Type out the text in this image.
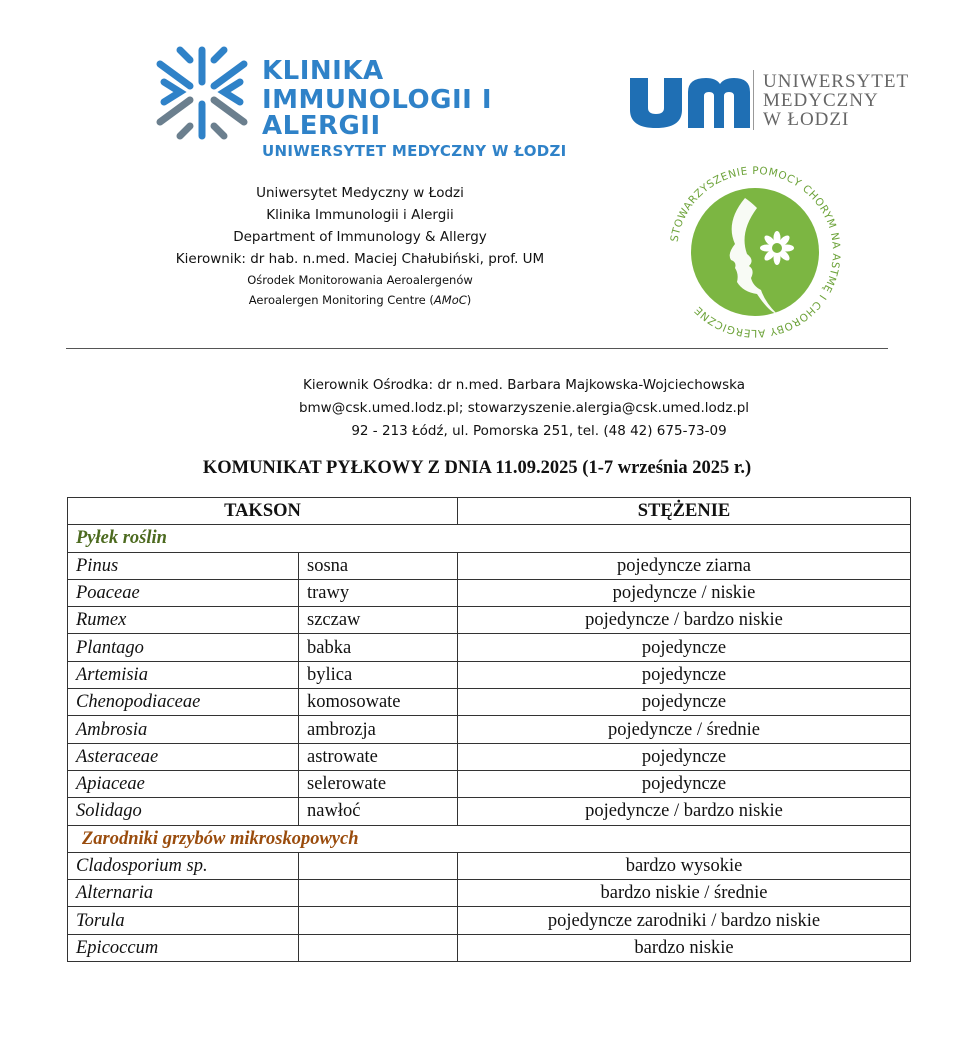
KLINIKA
IMMUNOLOGII I ALERGII
UNIWERSYTET MEDYCZNY W ŁODZI
UNIWERSYTET
MEDYCZNY
W ŁODZI
STOWARZYSZENIE POMOCY CHORYM NA ASTMĘ I CHOROBY ALERGICZNE
Uniwersytet Medyczny w Łodzi
Klinika Immunologii i Alergii
Department of Immunology & Allergy
Kierownik: dr hab. n.med. Maciej Chałubiński, prof. UM
Ośrodek Monitorowania Aeroalergenów
Aeroalergen Monitoring Centre (AMoC)
Kierownik Ośrodka: dr n.med. Barbara Majkowska-Wojciechowska
bmw@csk.umed.lodz.pl; stowarzyszenie.alergia@csk.umed.lodz.pl
92 - 213 Łódź, ul. Pomorska 251, tel. (48 42) 675-73-09
KOMUNIKAT PYŁKOWY Z DNIA 11.09.2025 (1-7 września 2025 r.)
TAKSON		STĘŻENIE
Pyłek roślin		
Pinus	sosna	pojedyncze ziarna
Poaceae	trawy	pojedyncze / niskie
Rumex	szczaw	pojedyncze / bardzo niskie
Plantago	babka	pojedyncze
Artemisia	bylica	pojedyncze
Chenopodiaceae	komosowate	pojedyncze
Ambrosia	ambrozja	pojedyncze / średnie
Asteraceae	astrowate	pojedyncze
Apiaceae	selerowate	pojedyncze
Solidago	nawłoć	pojedyncze / bardzo niskie
Zarodniki grzybów mikroskopowych		
Cladosporium sp.		bardzo wysokie
Alternaria		bardzo niskie / średnie
Torula		pojedyncze zarodniki / bardzo niskie
Epicoccum		bardzo niskie
